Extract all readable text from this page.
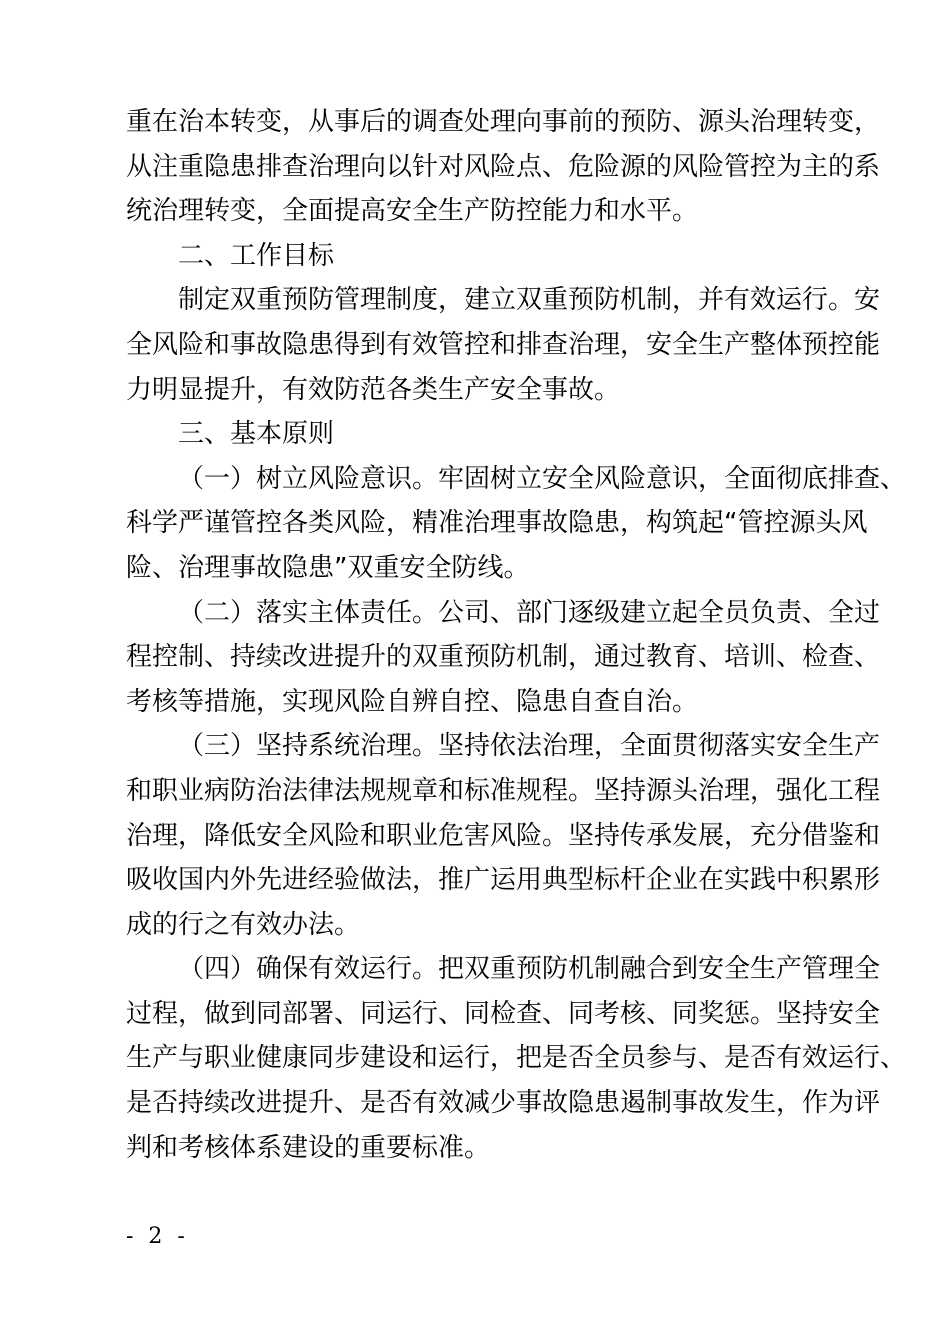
重在治本转变，从事后的调查处理向事前的预防、源头治理转变，
从注重隐患排查治理向以针对风险点、危险源的风险管控为主的系
统治理转变，全面提高安全生产防控能力和水平。
二、工作目标
制定双重预防管理制度，建立双重预防机制，并有效运行。安
全风险和事故隐患得到有效管控和排查治理，安全生产整体预控能
力明显提升，有效防范各类生产安全事故。
三、基本原则
（一）树立风险意识。牢固树立安全风险意识，全面彻底排查、
科学严谨管控各类风险，精准治理事故隐患，构筑起“管控源头风
险、治理事故隐患”双重安全防线。
（二）落实主体责任。公司、部门逐级建立起全员负责、全过
程控制、持续改进提升的双重预防机制，通过教育、培训、检查、
考核等措施，实现风险自辨自控、隐患自查自治。
（三）坚持系统治理。坚持依法治理，全面贯彻落实安全生产
和职业病防治法律法规规章和标准规程。坚持源头治理，强化工程
治理，降低安全风险和职业危害风险。坚持传承发展，充分借鉴和
吸收国内外先进经验做法，推广运用典型标杆企业在实践中积累形
成的行之有效办法。
（四）确保有效运行。把双重预防机制融合到安全生产管理全
过程，做到同部署、同运行、同检查、同考核、同奖惩。坚持安全
生产与职业健康同步建设和运行，把是否全员参与、是否有效运行、
是否持续改进提升、是否有效减少事故隐患遏制事故发生，作为评
判和考核体系建设的重要标准。
- 2 -
